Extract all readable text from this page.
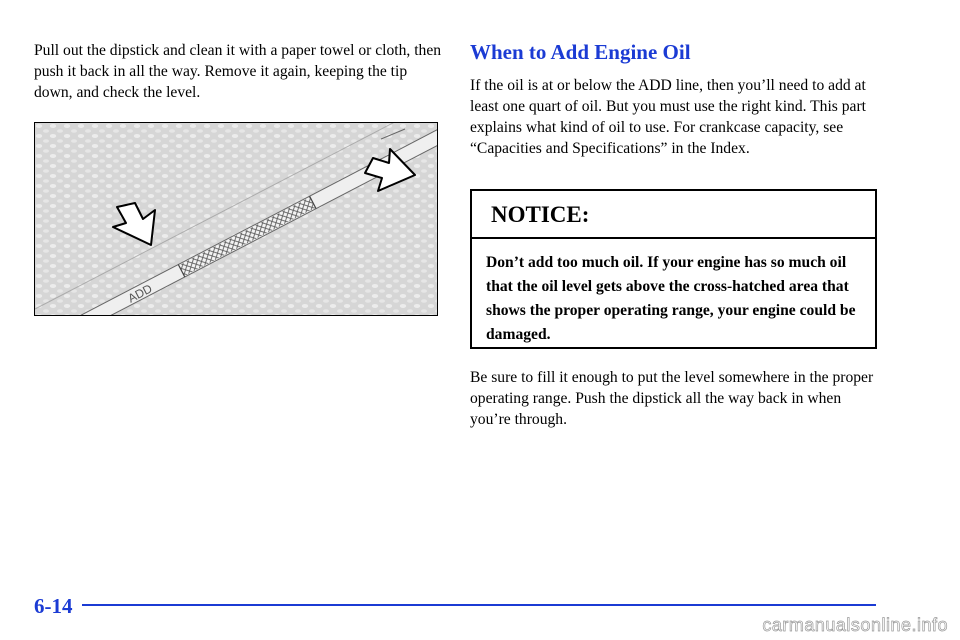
Pull out the dipstick and clean it with a paper towel or cloth, then push it back in all the way. Remove it again, keeping the tip down, and check the level.

ADD
When to Add Engine Oil

If the oil is at or below the ADD line, then you’ll need to add at least one quart of oil. But you must use the right kind. This part explains what kind of oil to use. For crankcase capacity, see “Capacities and Specifications” in the Index.

NOTICE:
Don’t add too much oil. If your engine has so much oil that the oil level gets above the cross-hatched area that shows the proper operating range, your engine could be damaged.

Be sure to fill it enough to put the level somewhere in the proper operating range. Push the dipstick all the way back in when you’re through.

6-14
carmanualsonline.info
